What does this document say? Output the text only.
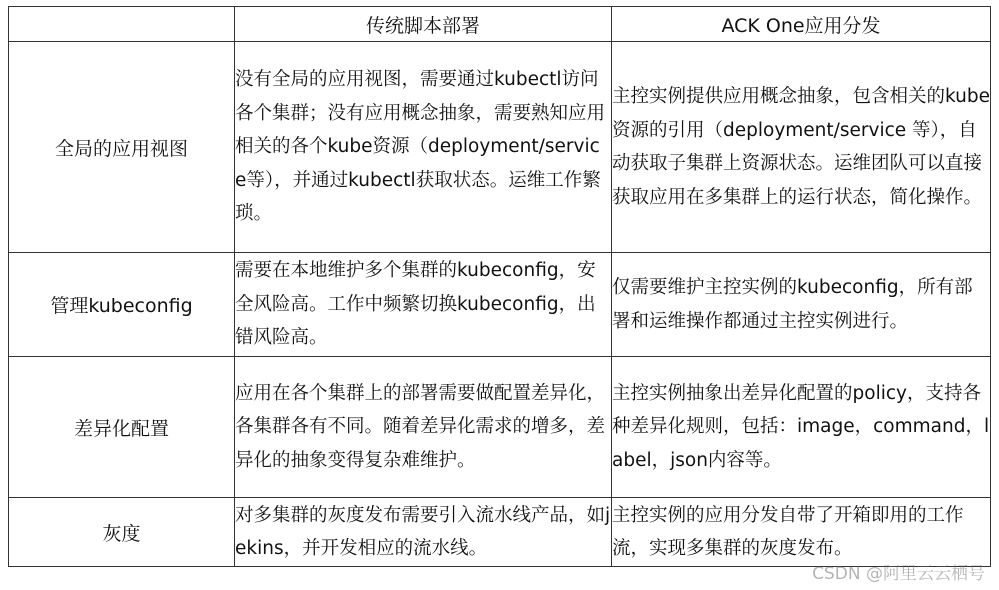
	传统脚本部署	ACK One应用分发
全局的应用视图	没有全局的应用视图，需要通过kubectl访问各个集群；没有应用概念抽象，需要熟知应用相关的各个kube资源（deployment/service等），并通过kubectl获取状态。运维工作繁琐。	主控实例提供应用概念抽象，包含相关的kube资源的引用（deployment/service 等），自动获取子集群上资源状态。运维团队可以直接获取应用在多集群上的运行状态，简化操作。
管理kubeconfig	需要在本地维护多个集群的kubeconfig，安全风险高。工作中频繁切换kubeconfig，出错风险高。	仅需要维护主控实例的kubeconfig，所有部署和运维操作都通过主控实例进行。
差异化配置	应用在各个集群上的部署需要做配置差异化，各集群各有不同。随着差异化需求的增多，差异化的抽象变得复杂难维护。	主控实例抽象出差异化配置的policy，支持各种差异化规则，包括：image，command，label，json内容等。
灰度	对多集群的灰度发布需要引入流水线产品，如jekins，并开发相应的流水线。	主控实例的应用分发自带了开箱即用的工作流，实现多集群的灰度发布。
CSDN @阿里云云栖号
